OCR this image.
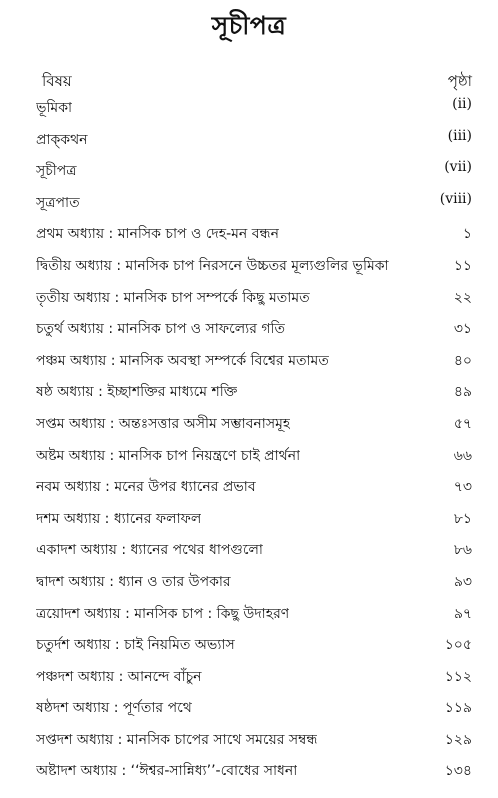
সূচীপত্র
বিষয়	পৃষ্ঠা
ভূমিকা	(ii)
প্রাক্‌কথন	(iii)
সূচীপত্র	(vii)
সূত্রপাত	(viii)
প্রথম অধ্যায় : মানসিক চাপ ও দেহ-মন বন্ধন	১
দ্বিতীয় অধ্যায় : মানসিক চাপ নিরসনে উচ্চতর মূল্যগুলির ভূমিকা	১১
তৃতীয় অধ্যায় : মানসিক চাপ সম্পর্কে কিছু মতামত	২২
চতুর্থ অধ্যায় : মানসিক চাপ ও সাফল্যের গতি	৩১
পঞ্চম অধ্যায় : মানসিক অবস্থা সম্পর্কে বিশ্বের মতামত	৪০
ষষ্ঠ অধ্যায় : ইচ্ছাশক্তির মাধ্যমে শক্তি	৪৯
সপ্তম অধ্যায় : অন্তঃসত্তার অসীম সম্ভাবনাসমূহ	৫৭
অষ্টম অধ্যায় : মানসিক চাপ নিয়ন্ত্রণে চাই প্রার্থনা	৬৬
নবম অধ্যায় : মনের উপর ধ্যানের প্রভাব	৭৩
দশম অধ্যায় : ধ্যানের ফলাফল	৮১
একাদশ অধ্যায় : ধ্যানের পথের ধাপগুলো	৮৬
দ্বাদশ অধ্যায় : ধ্যান ও তার উপকার	৯৩
ত্রয়োদশ অধ্যায় : মানসিক চাপ : কিছু উদাহরণ	৯৭
চতুর্দশ অধ্যায় : চাই নিয়মিত অভ্যাস	১০৫
পঞ্চদশ অধ্যায় : আনন্দে বাঁচুন	১১২
ষষ্ঠদশ অধ্যায় : পূর্ণতার পথে	১১৯
সপ্তদশ অধ্যায় : মানসিক চাপের সাথে সময়ের সম্বন্ধ	১২৯
অষ্টাদশ অধ্যায় : ‘‘ঈশ্বর-সান্নিধ্য’’-বোধের সাধনা	১৩৪
